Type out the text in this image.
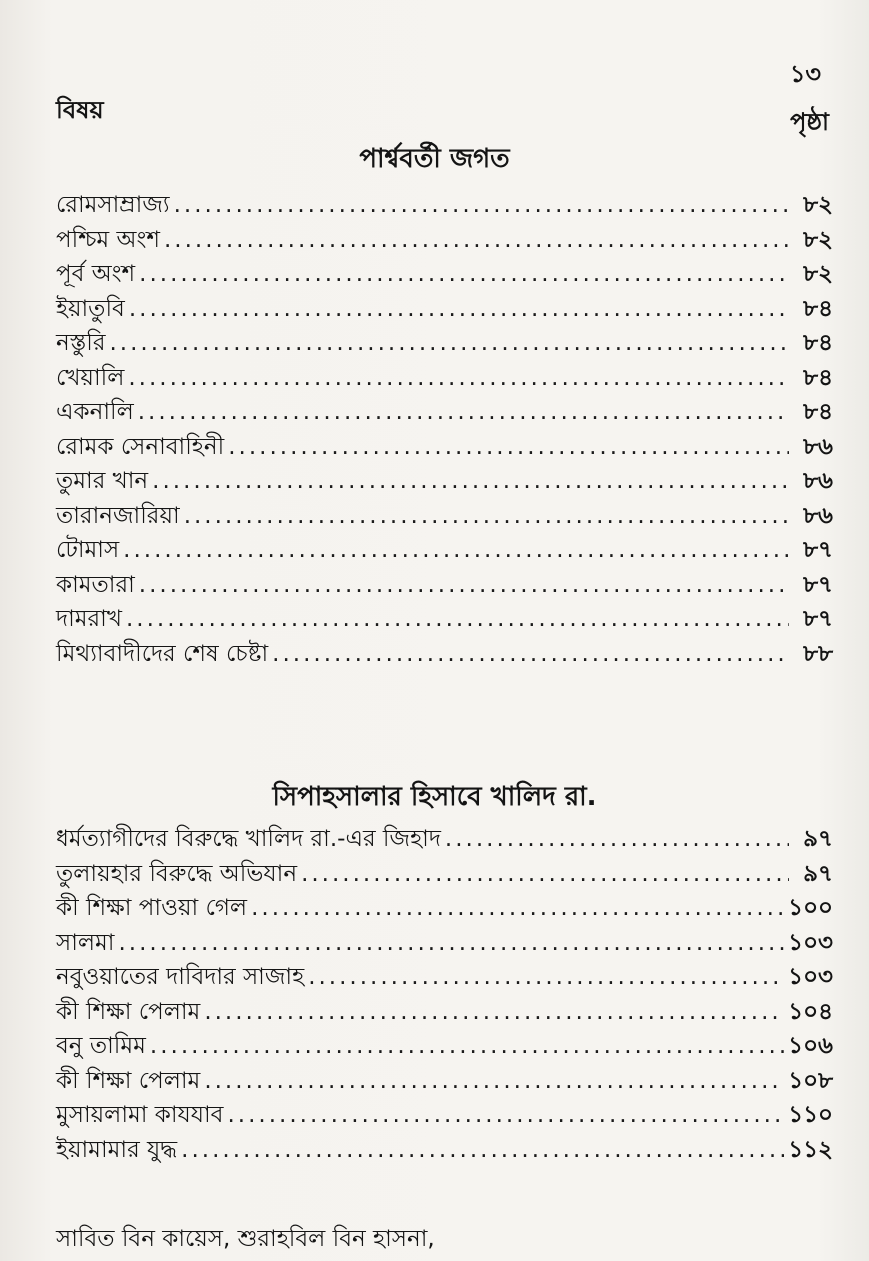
১৩
বিষয়	পৃষ্ঠা
পার্শ্ববর্তী জগত
রোমসাম্রাজ্য .....	৮২
পশ্চিম অংশ .....	৮২
পূর্ব অংশ .....	৮২
ইয়াতুবি .....	৮৪
নস্তুরি .....	৮৪
খেয়ালি .....	৮৪
একনালি .....	৮৪
রোমক সেনাবাহিনী .....	৮৬
তুমার খান .....	৮৬
তারানজারিয়া .....	৮৬
টোমাস .....	৮৭
কামতারা .....	৮৭
দামরাখ .....	৮৭
মিথ্যাবাদীদের শেষ চেষ্টা .....	৮৮
সিপাহসালার হিসাবে খালিদ রা.
ধর্মত্যাগীদের বিরুদ্ধে খালিদ রা.-এর জিহাদ .....	৯৭
তুলায়হার বিরুদ্ধে অভিযান .....	৯৭
কী শিক্ষা পাওয়া গেল .....	১০০
সালমা .....	১০৩
নবুওয়াতের দাবিদার সাজাহ .....	১০৩
কী শিক্ষা পেলাম .....	১০৪
বনু তামিম .....	১০৬
কী শিক্ষা পেলাম .....	১০৮
মুসায়লামা কাযযাব .....	১১০
ইয়ামামার যুদ্ধ .....	১১২
সাবিত বিন কায়েস, শুরাহবিল বিন হাসনা,
